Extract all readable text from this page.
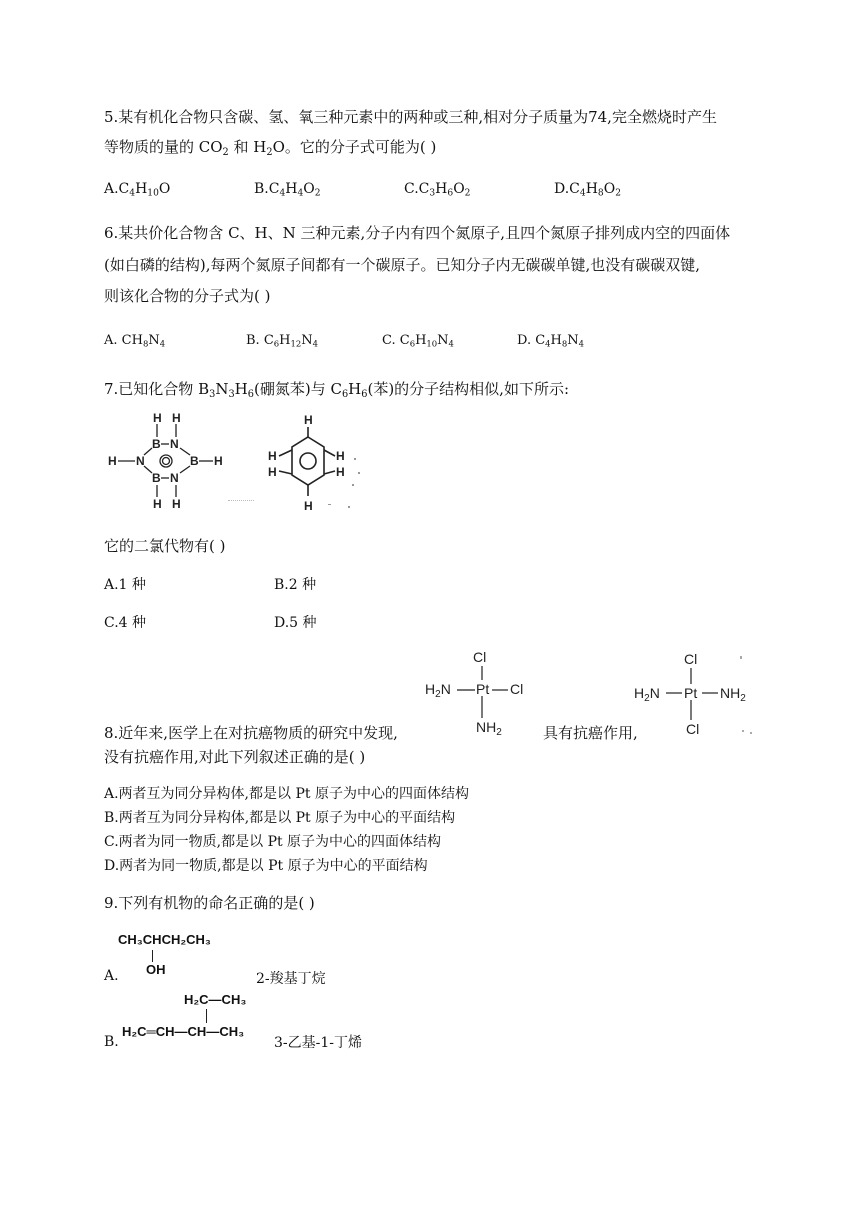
5.某有机化合物只含碳、氢、氧三种元素中的两种或三种,相对分子质量为74,完全燃烧时产生
等物质的量的 $CO_2$ 和 $H_2O$。它的分子式可能为( )
$A.C_4H_{10}O$	$B.C_4H_4O_2$	$C.C_3H_6O_2$	$D.C_4H_8O_2$
6.某共价化合物含 C、H、N 三种元素,分子内有四个氮原子,且四个氮原子排列成内空的四面体
(如白磷的结构),每两个氮原子间都有一个碳原子。已知分子内无碳碳单键,也没有碳碳双键,
则该化合物的分子式为( )
A. $CH_8N_4$	B. $C_6H_{12}N_4$	C. $C_6H_{10}N_4$	D. $C_4H_8N_4$
7.已知化合物 $B_3N_3H_6$(硼氮苯)与 $C_6H_6$(苯)的分子结构相似,如下所示:
H H
B N
H N	B H
B N
H H
H
H
H
H
H
H
它的二氯代物有( )
A.1 种	B.2 种
C.4 种	D.5 种
Cl
$H_2N$ Pt Cl
$NH_2$
Cl
$H_2N$ Pt $NH_2$
Cl
8.近年来,医学上在对抗癌物质的研究中发现,	具有抗癌作用,
没有抗癌作用,对此下列叙述正确的是( )
A.两者互为同分异构体,都是以 Pt 原子为中心的四面体结构
B.两者互为同分异构体,都是以 Pt 原子为中心的平面结构
C.两者为同一物质,都是以 Pt 原子为中心的四面体结构
D.两者为同一物质,都是以 Pt 原子为中心的平面结构
9.下列有机物的命名正确的是( )
CH₃CHCH₂CH₃
OH
A.	2-羧基丁烷
H₂C—CH₃
H₂C═CH—CH—CH₃
B.	3-乙基-1-丁烯
